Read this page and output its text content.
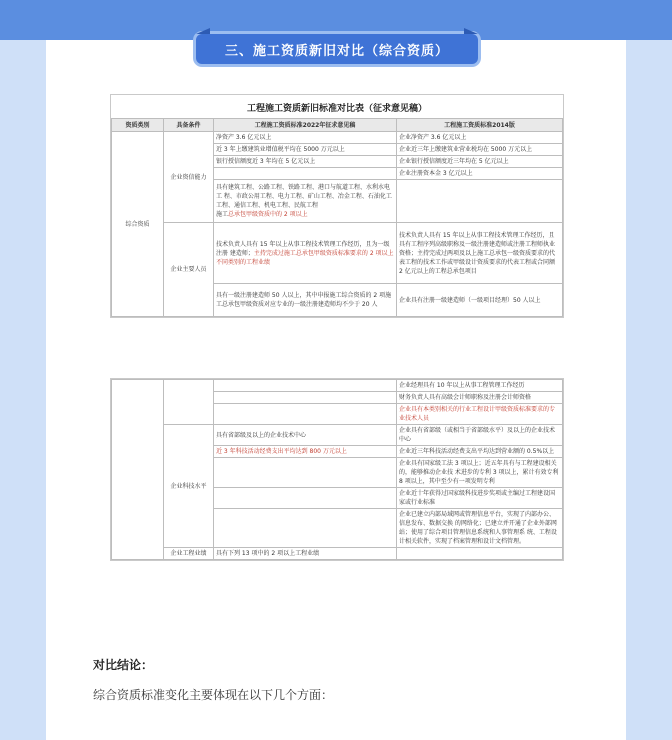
三、施工资质新旧对比（综合资质）
工程施工资质新旧标准对比表（征求意见稿）
资质类别	具备条件	工程施工资质标准2022年征求意见稿	工程施工资质标准2014版
综合资质	企业资信能力	净资产 3.6 亿元以上	企业净资产 3.6 亿元以上
		近 3 年上缴建筑业增值税平均在 5000 万元以上	企业近三年上缴建筑业营业税均在 5000 万元以上
		银行授信额度近 3 年均在 5 亿元以上	企业银行授信额度近三年均在 5 亿元以上
			企业注册资本金 3 亿元以上
		具有建筑工程、公路工程、铁路工程、港口与航道工程、水利水电工 程、市政公用工程、电力工程、矿山工程、冶金工程、石油化工工程、通信工程、机电工程、民航工程
施工总承包甲级资质中的 2 项以上	
	企业主要人员	技术负责人具有 15 年以上从事工程技术管理工作经历，且为一级注册 建造师；主持完成过施工总承包甲级资质标准要求的 2 项以上不同类别的工程业绩	技术负责人具有 15 年以上从事工程技术管理工作经历，且具有工程序列高级职称及一级注册建造师或注册工程师执业资格；主持完成过两项及以上施工总承包一级资质要求的代表工程的技术工作或甲级设计资质要求的代表工程或合同额 2 亿元以上的工程总承包项目
		具有一级注册建造师 50 人以上，其中申报施工综合资质的 2 项施工总承包甲级资质对应专业的一级注册建造师均不少于 20 人	企业具有注册一级建造师（一级项目经理）50 人以上
			企业经理具有 10 年以上从事工程管理工作经历
			财务负责人具有高级会计师职称及注册会计师资格
			企业具有本类别相关的行业工程设计甲级资质标准要求的专业技术人员
	企业科技水平	具有省部级及以上的企业技术中心	企业具有省部级（或相当于省部级水平）及以上的企业技术中心
		近 3 年科技活动经费支出平均达到 800 万元以上	企业近三年科技活动经费支出平均达到营业额的 0.5%以上
			企业具有国家级工法 3 项以上；近五年具有与工程建设相关的，能够推动企业技 术进步的专利 3 项以上，累计有效专利 8 项以上，其中至少有一项发明专利
			企业近十年获得过国家级科技进步奖项或主编过工程建设国家或行业标准
			企业已建立内部局域网或管理信息平台，实现了内部办公、信息发布、数据交换 的网络化；已建立并开通了企业外部网站；使用了综合项目管理信息系统和人事管理系 统、工程设计相关软件，实现了档案管理和设计文档管理。
	企业工程业绩	具有下列 13 项中的 2 项以上工程业绩	
对比结论：
综合资质标准变化主要体现在以下几个方面：
